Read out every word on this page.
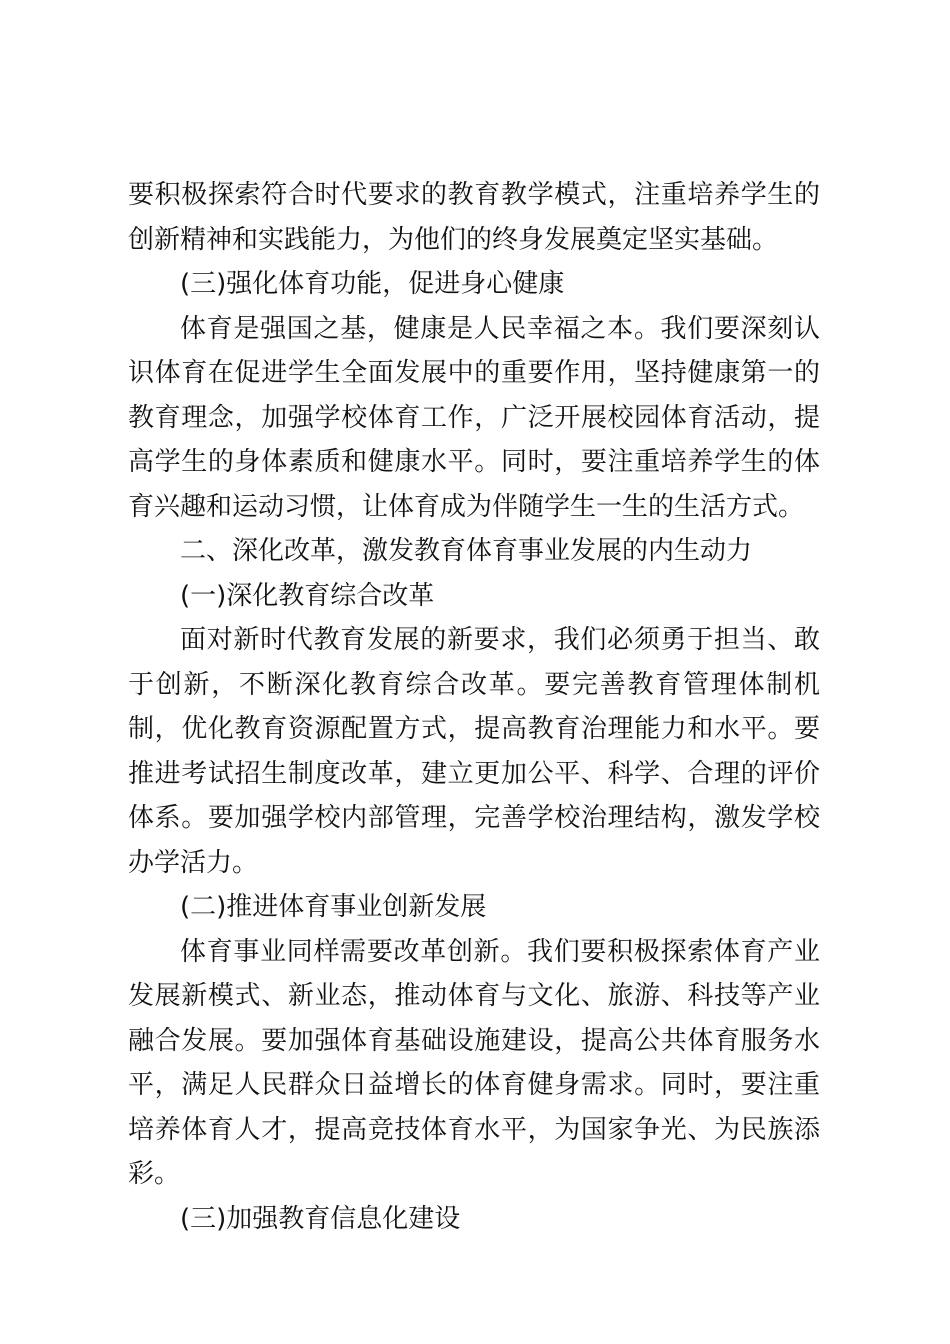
要积极探索符合时代要求的教育教学模式，注重培养学生的创新精神和实践能力，为他们的终身发展奠定坚实基础。

(三)强化体育功能，促进身心健康

体育是强国之基，健康是人民幸福之本。我们要深刻认识体育在促进学生全面发展中的重要作用，坚持健康第一的教育理念，加强学校体育工作，广泛开展校园体育活动，提高学生的身体素质和健康水平。同时，要注重培养学生的体育兴趣和运动习惯，让体育成为伴随学生一生的生活方式。

二、深化改革，激发教育体育事业发展的内生动力

(一)深化教育综合改革

面对新时代教育发展的新要求，我们必须勇于担当、敢于创新，不断深化教育综合改革。要完善教育管理体制机制，优化教育资源配置方式，提高教育治理能力和水平。要推进考试招生制度改革，建立更加公平、科学、合理的评价体系。要加强学校内部管理，完善学校治理结构，激发学校办学活力。

(二)推进体育事业创新发展

体育事业同样需要改革创新。我们要积极探索体育产业发展新模式、新业态，推动体育与文化、旅游、科技等产业融合发展。要加强体育基础设施建设，提高公共体育服务水平，满足人民群众日益增长的体育健身需求。同时，要注重培养体育人才，提高竞技体育水平，为国家争光、为民族添彩。

(三)加强教育信息化建设
